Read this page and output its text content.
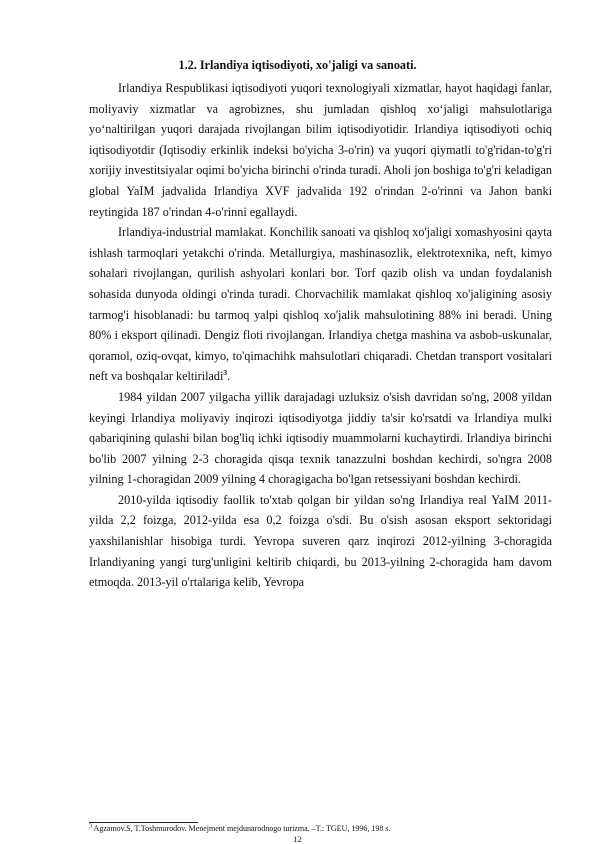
1.2. Irlandiya iqtisodiyoti, xo'jaligi va sanoati.

Irlandiya Respublikasi iqtisodiyoti yuqori texnologiyali xizmatlar, hayot haqidagi fanlar, moliyaviy xizmatlar va agrobiznes, shu jumladan qishloq xo‘jaligi mahsulotlariga yo‘naltirilgan yuqori darajada rivojlangan bilim iqtisodiyotidir. Irlandiya iqtisodiyoti ochiq iqtisodiyotdir (Iqtisodiy erkinlik indeksi bo'yicha 3-o'rin) va yuqori qiymatli to'g'ridan-to'g'ri xorijiy investitsiyalar oqimi bo'yicha birinchi o'rinda turadi. Aholi jon boshiga to'g'ri keladigan global YaIM jadvalida Irlandiya XVF jadvalida 192 o'rindan 2-o'rinni va Jahon banki reytingida 187 o'rindan 4-o'rinni egallaydi.

Irlandiya-industrial mamlakat. Konchilik sanoati va qishloq xo'jaligi xomashyosini qayta ishlash tarmoqlari yetakchi o'rinda. Metallurgiya, mashinasozlik, elektrotexnika, neft, kimyo sohalari rivojlangan, qurilish ashyolari konlari bor. Torf qazib olish va undan foydalanish sohasida dunyoda oldingi o'rinda turadi. Chorvachilik mamlakat qishloq xo'jaligining asosiy tarmog'i hisoblanadi: bu tarmoq yalpi qishloq xo'jalik mahsulotining 88% ini beradi. Uning 80% i eksport qilinadi. Dengiz floti rivojlangan. Irlandiya chetga mashina va asbob-uskunalar, qoramol, oziq-ovqat, kimyo, to'qimachihk mahsulotlari chiqaradi. Chetdan transport vositalari neft va boshqalar keltiriladi$^3$.

1984 yildan 2007 yilgacha yillik darajadagi uzluksiz o'sish davridan so'ng, 2008 yildan keyingi Irlandiya moliyaviy inqirozi iqtisodiyotga jiddiy ta'sir ko'rsatdi va Irlandiya mulki qabariqining qulashi bilan bog'liq ichki iqtisodiy muammolarni kuchaytirdi. Irlandiya birinchi bo'lib 2007 yilning 2-3 choragida qisqa texnik tanazzulni boshdan kechirdi, so'ngra 2008 yilning 1-choragidan 2009 yilning 4 choragigacha bo'lgan retsessiyani boshdan kechirdi.

2010-yilda iqtisodiy faollik to'xtab qolgan bir yildan so'ng Irlandiya real YaIM 2011-yilda 2,2 foizga, 2012-yilda esa 0,2 foizga o'sdi. Bu o'sish asosan eksport sektoridagi yaxshilanishlar hisobiga turdi. Yevropa suveren qarz inqirozi 2012-yilning 3-choragida Irlandiyaning yangi turg'unligini keltirib chiqardi, bu 2013-yilning 2-choragida ham davom etmoqda. 2013-yil o'rtalariga kelib, Yevropa

$^3$ Agzamov.S, T.Toshmurodov. Menejment mejdunarodnogo turizma. –T.: TGEU, 1996, 198 s.
12
